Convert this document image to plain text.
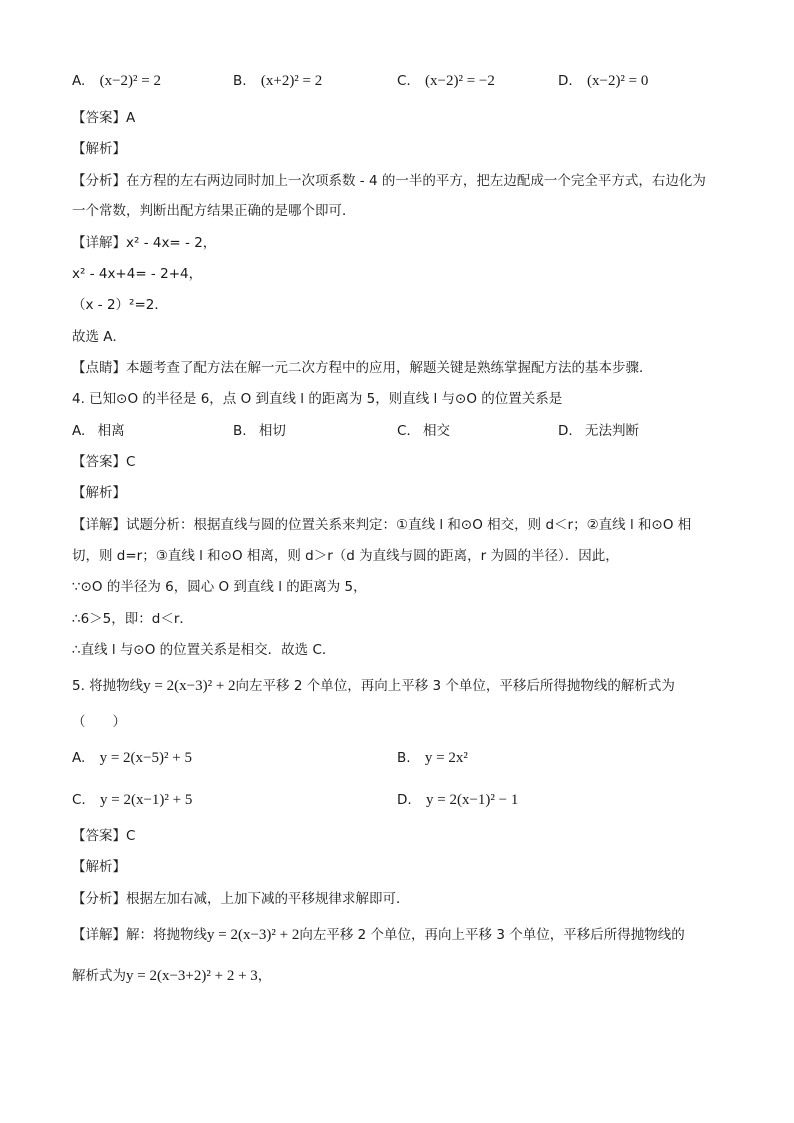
A. (x−2)² = 2	B. (x+2)² = 2	C. (x−2)² = −2	D. (x−2)² = 0
【答案】A
【解析】
【分析】在方程的左右两边同时加上一次项系数 - 4 的一半的平方，把左边配成一个完全平方式，右边化为
一个常数，判断出配方结果正确的是哪个即可．
【详解】x² - 4x= - 2，
x² - 4x+4= - 2+4，
（x - 2）²=2．
故选 A．
【点睛】本题考查了配方法在解一元二次方程中的应用，解题关键是熟练掌握配方法的基本步骤．
4. 已知⊙O 的半径是 6，点 O 到直线 l 的距离为 5，则直线 l 与⊙O 的位置关系是
A. 相离	B. 相切	C. 相交	D. 无法判断
【答案】C
【解析】
【详解】试题分析：根据直线与圆的位置关系来判定：①直线 l 和⊙O 相交，则 d＜r；②直线 l 和⊙O 相
切，则 d=r；③直线 l 和⊙O 相离，则 d＞r（d 为直线与圆的距离，r 为圆的半径）．因此，
∵⊙O 的半径为 6，圆心 O 到直线 l 的距离为 5，
∴6＞5，即：d＜r．
∴直线 l 与⊙O 的位置关系是相交．故选 C．
5. 将抛物线y = 2(x−3)² + 2向左平移 2 个单位，再向上平移 3 个单位，平移后所得抛物线的解析式为
（　　）
A. y = 2(x−5)² + 5	B. y = 2x²
C. y = 2(x−1)² + 5	D. y = 2(x−1)² − 1
【答案】C
【解析】
【分析】根据左加右减，上加下减的平移规律求解即可．
【详解】解：将抛物线y = 2(x−3)² + 2向左平移 2 个单位，再向上平移 3 个单位，平移后所得抛物线的
解析式为y = 2(x−3+2)² + 2 + 3，
